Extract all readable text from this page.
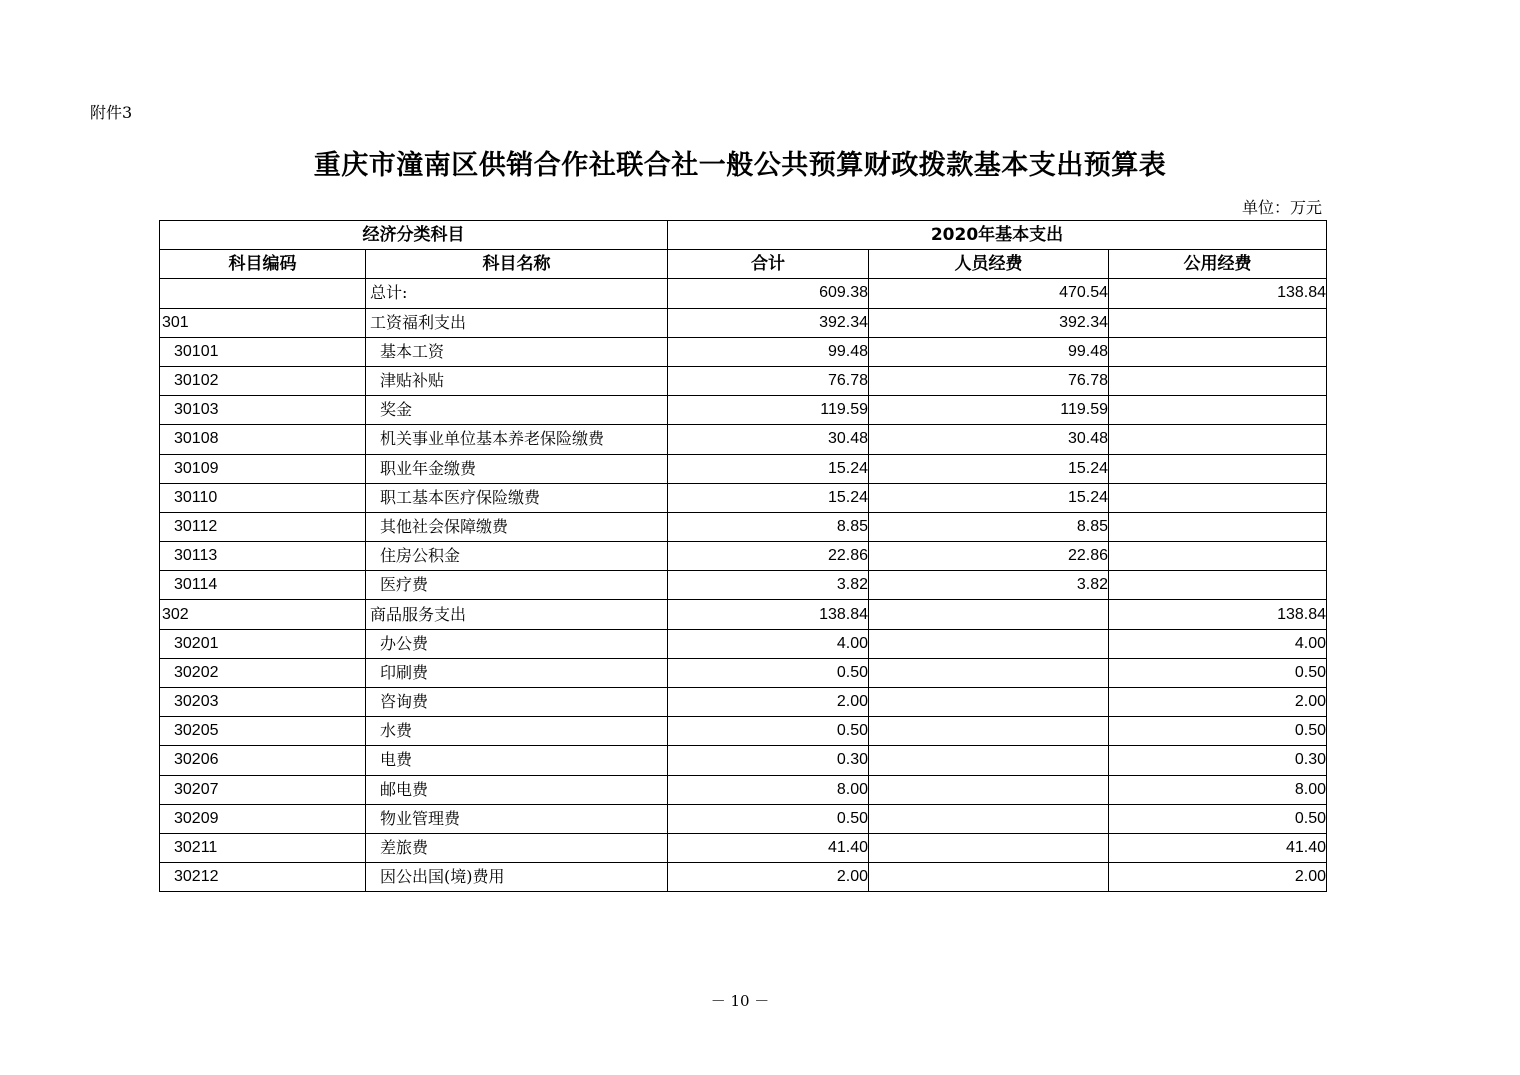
附件3
重庆市潼南区供销合作社联合社一般公共预算财政拨款基本支出预算表
单位：万元
经济分类科目		2020年基本支出		
科目编码	科目名称	合计	人员经费	公用经费
	总计:	609.38	470.54	138.84
301	工资福利支出	392.34	392.34	
30101	基本工资	99.48	99.48	
30102	津贴补贴	76.78	76.78	
30103	奖金	119.59	119.59	
30108	机关事业单位基本养老保险缴费	30.48	30.48	
30109	职业年金缴费	15.24	15.24	
30110	职工基本医疗保险缴费	15.24	15.24	
30112	其他社会保障缴费	8.85	8.85	
30113	住房公积金	22.86	22.86	
30114	医疗费	3.82	3.82	
302	商品服务支出	138.84		138.84
30201	办公费	4.00		4.00
30202	印刷费	0.50		0.50
30203	咨询费	2.00		2.00
30205	水费	0.50		0.50
30206	电费	0.30		0.30
30207	邮电费	8.00		8.00
30209	物业管理费	0.50		0.50
30211	差旅费	41.40		41.40
30212	因公出国(境)费用	2.00		2.00
－ 10 －
